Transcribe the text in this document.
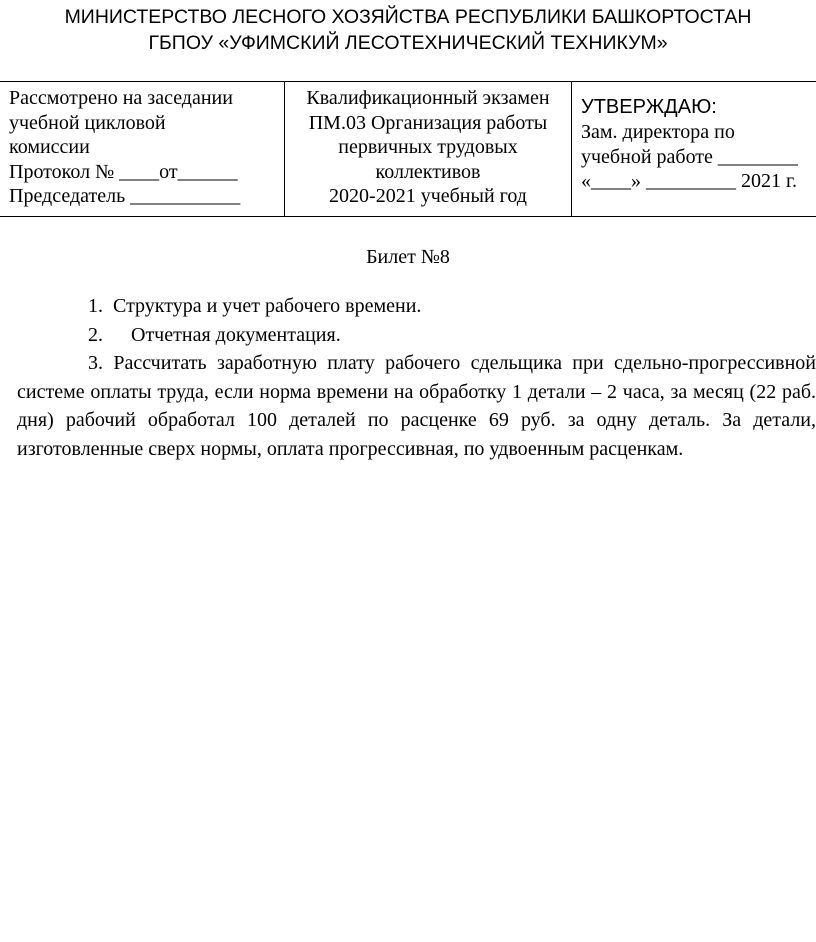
МИНИСТЕРСТВО ЛЕСНОГО ХОЗЯЙСТВА РЕСПУБЛИКИ БАШКОРТОСТАН
ГБПОУ «УФИМСКИЙ ЛЕСОТЕХНИЧЕСКИЙ ТЕХНИКУМ»
Рассмотрено на заседании
учебной цикловой
комиссии
Протокол № ____от______
Председатель ___________
Квалификационный экзамен
ПМ.03 Организация работы
первичных трудовых
коллективов
2020-2021 учебный год
УТВЕРЖДАЮ:
Зам. директора по
учебной работе ________
«____» _________ 2021 г.
Билет №8
1. Структура и учет рабочего времени.
2. Отчетная документация.

3. Рассчитать заработную плату рабочего сдельщика при сдельно-прогрессивной системе оплаты труда, если норма времени на обработку 1 детали – 2 часа, за месяц (22 раб. дня) рабочий обработал 100 деталей по расценке 69 руб. за одну деталь. За детали, изготовленные сверх нормы, оплата прогрессивная, по удвоенным расценкам.
